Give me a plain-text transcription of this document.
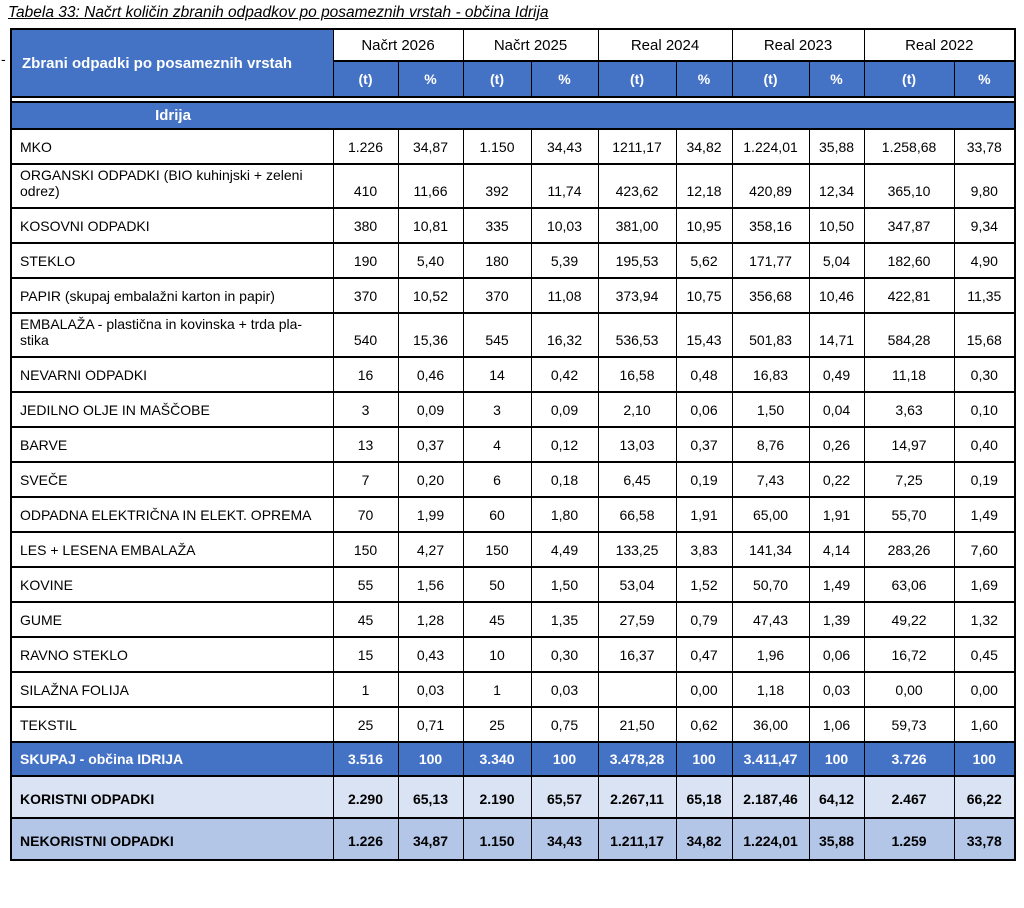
Tabela 33: Načrt količin zbranih odpadkov po posameznih vrstah - občina Idrija
- Zbrani odpadki po posameznih vrstah	Načrt 2026		Načrt 2025		Real 2024		Real 2023		Real 2022	
	(t)	%	(t)	%	(t)	%	(t)	%	(t)	%

Idrija										

MKO	1.226	34,87	1.150	34,43	1211,17	34,82	1.224,01	35,88	1.258,68	33,78
ORGANSKI ODPADKI (BIO kuhinjski + zeleni odrez)	410	11,66	392	11,74	423,62	12,18	420,89	12,34	365,10	9,80
KOSOVNI ODPADKI	380	10,81	335	10,03	381,00	10,95	358,16	10,50	347,87	9,34
STEKLO	190	5,40	180	5,39	195,53	5,62	171,77	5,04	182,60	4,90
PAPIR (skupaj embalažni karton in papir)	370	10,52	370	11,08	373,94	10,75	356,68	10,46	422,81	11,35
EMBALAŽA - plastična in kovinska + trda pla-stika	540	15,36	545	16,32	536,53	15,43	501,83	14,71	584,28	15,68
NEVARNI ODPADKI	16	0,46	14	0,42	16,58	0,48	16,83	0,49	11,18	0,30
JEDILNO OLJE IN MAŠČOBE	3	0,09	3	0,09	2,10	0,06	1,50	0,04	3,63	0,10
BARVE	13	0,37	4	0,12	13,03	0,37	8,76	0,26	14,97	0,40
SVEČE	7	0,20	6	0,18	6,45	0,19	7,43	0,22	7,25	0,19
ODPADNA ELEKTRIČNA IN ELEKT. OPREMA	70	1,99	60	1,80	66,58	1,91	65,00	1,91	55,70	1,49
LES + LESENA EMBALAŽA	150	4,27	150	4,49	133,25	3,83	141,34	4,14	283,26	7,60
KOVINE	55	1,56	50	1,50	53,04	1,52	50,70	1,49	63,06	1,69
GUME	45	1,28	45	1,35	27,59	0,79	47,43	1,39	49,22	1,32
RAVNO STEKLO	15	0,43	10	0,30	16,37	0,47	1,96	0,06	16,72	0,45
SILAŽNA FOLIJA	1	0,03	1	0,03		0,00	1,18	0,03	0,00	0,00
TEKSTIL	25	0,71	25	0,75	21,50	0,62	36,00	1,06	59,73	1,60
SKUPAJ - občina IDRIJA	3.516	100	3.340	100	3.478,28	100	3.411,47	100	3.726	100
KORISTNI ODPADKI	2.290	65,13	2.190	65,57	2.267,11	65,18	2.187,46	64,12	2.467	66,22
NEKORISTNI ODPADKI	1.226	34,87	1.150	34,43	1.211,17	34,82	1.224,01	35,88	1.259	33,78
